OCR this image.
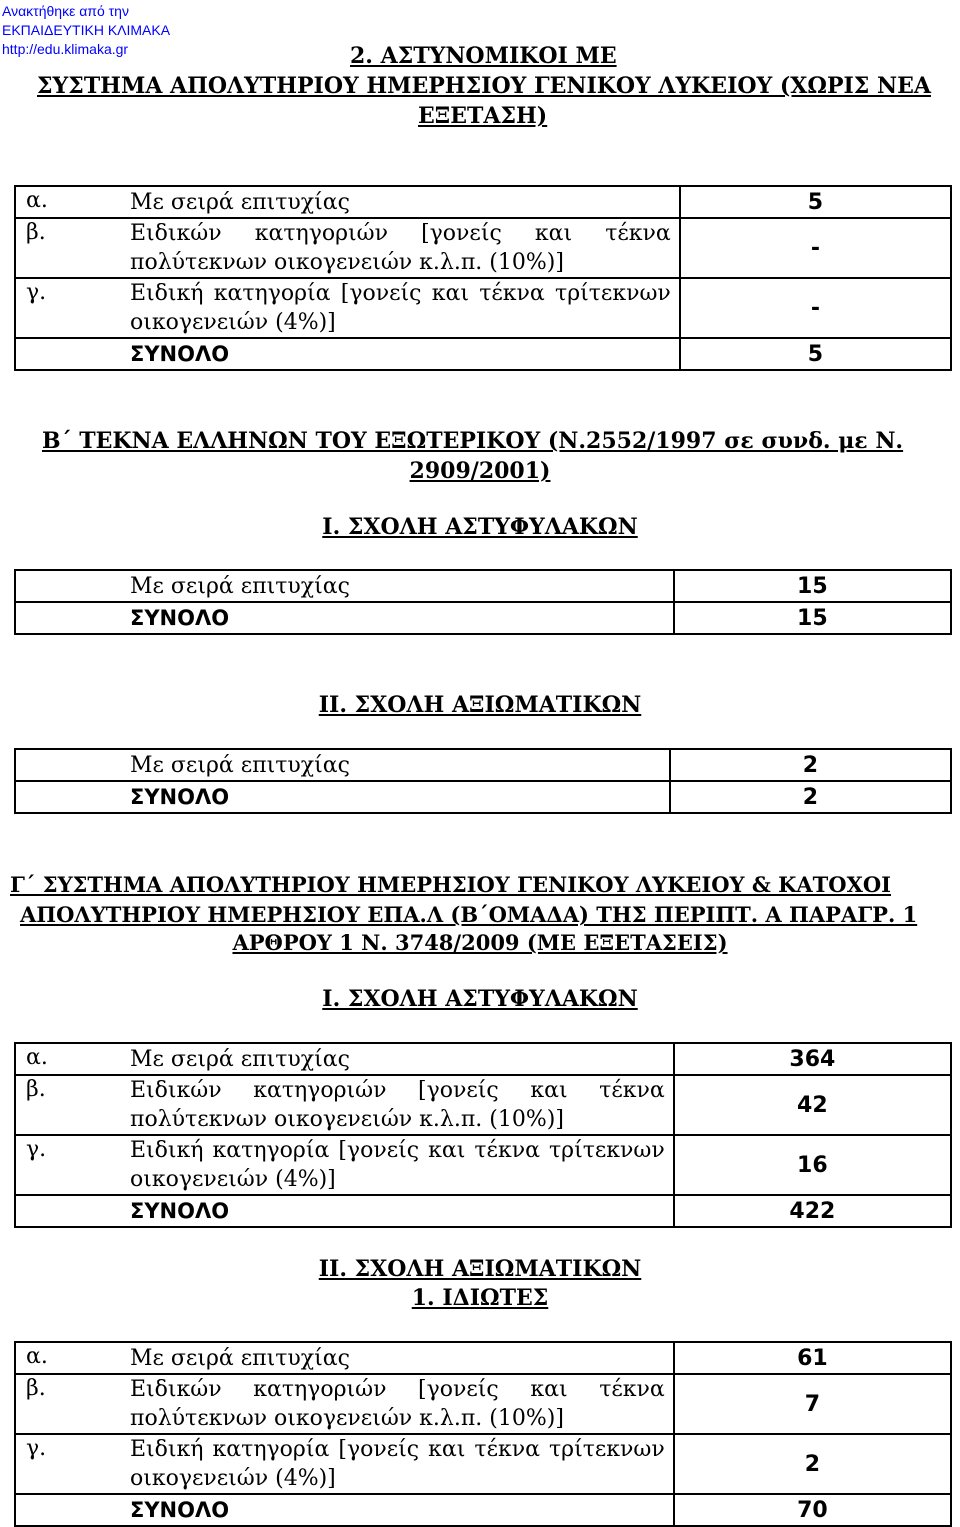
Ανακτήθηκε από την
ΕΚΠΑΙΔΕΥΤΙΚΗ ΚΛΙΜΑΚΑ
http://edu.klimaka.gr	2. ΑΣΤΥΝΟΜΙΚΟΙ ΜΕ
ΣΥΣΤΗΜΑ ΑΠΟΛΥΤΗΡΙΟΥ ΗΜΕΡΗΣΙΟΥ ΓΕΝΙΚΟΥ ΛΥΚΕΙΟΥ (ΧΩΡΙΣ ΝΕΑ
ΕΞΕΤΑΣΗ)
α. Με σειρά επιτυχίας	5

β. Ειδικών κατηγοριών [γονείς και τέκνα
πολύτεκνων οικογενειών κ.λ.π. (10%)]	-

γ. Ειδική κατηγορία [γονείς και τέκνα τρίτεκνων
οικογενειών (4%)]	-

ΣΥΝΟΛΟ	5
Β΄ ΤΕΚΝΑ ΕΛΛΗΝΩΝ ΤΟΥ ΕΞΩΤΕΡΙΚΟΥ (Ν.2552/1997 σε συνδ. με Ν.
2909/2001)
Ι. ΣΧΟΛΗ ΑΣΤΥΦΥΛΑΚΩΝ
Με σειρά επιτυχίας	15

ΣΥΝΟΛΟ	15
ΙΙ. ΣΧΟΛΗ ΑΞΙΩΜΑΤΙΚΩΝ
Με σειρά επιτυχίας	2

ΣΥΝΟΛΟ	2
Γ΄ ΣΥΣΤΗΜΑ ΑΠΟΛΥΤΗΡΙΟΥ ΗΜΕΡΗΣΙΟΥ ΓΕΝΙΚΟΥ ΛΥΚΕΙΟΥ & ΚΑΤΟΧΟΙ
ΑΠΟΛΥΤΗΡΙΟΥ ΗΜΕΡΗΣΙΟΥ ΕΠΑ.Λ (Β΄ΟΜΑΔΑ) ΤΗΣ ΠΕΡΙΠΤ. Α ΠΑΡΑΓΡ. 1
ΑΡΘΡΟΥ 1 Ν. 3748/2009 (ΜΕ ΕΞΕΤΑΣΕΙΣ)
Ι. ΣΧΟΛΗ ΑΣΤΥΦΥΛΑΚΩΝ
α. Με σειρά επιτυχίας	364

β. Ειδικών κατηγοριών [γονείς και τέκνα
πολύτεκνων οικογενειών κ.λ.π. (10%)]	42

γ. Ειδική κατηγορία [γονείς και τέκνα τρίτεκνων
οικογενειών (4%)]	16

ΣΥΝΟΛΟ	422
ΙΙ. ΣΧΟΛΗ ΑΞΙΩΜΑΤΙΚΩΝ
1. ΙΔΙΩΤΕΣ
α. Με σειρά επιτυχίας	61

β. Ειδικών κατηγοριών [γονείς και τέκνα
πολύτεκνων οικογενειών κ.λ.π. (10%)]	7

γ. Ειδική κατηγορία [γονείς και τέκνα τρίτεκνων
οικογενειών (4%)]	2

ΣΥΝΟΛΟ	70
